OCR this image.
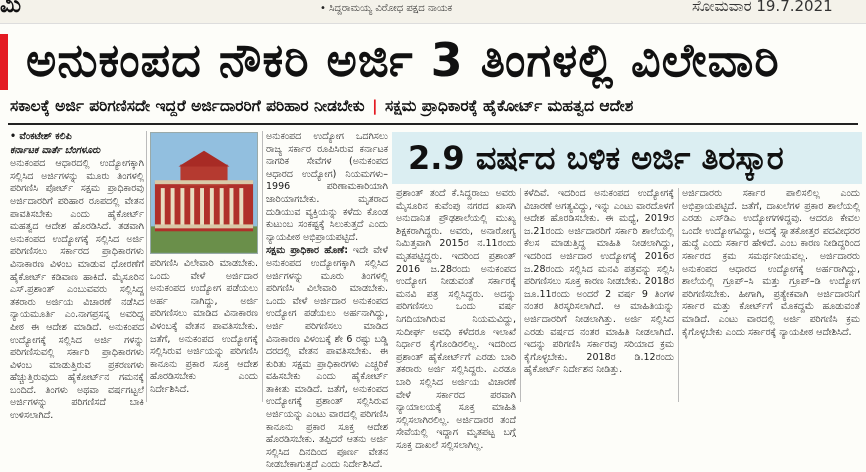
ಮಿ	• ಸಿದ್ದರಾಮಯ್ಯ ವಿರೋಧ ಪಕ್ಷದ ನಾಯಕ	ಸೋಮವಾರ 19.7.2021
ಅನುಕಂಪದ ನೌಕರಿ ಅರ್ಜಿ 3 ತಿಂಗಳಲ್ಲಿ ವಿಲೇವಾರಿ
ಸಕಾಲಕ್ಕೆ ಅರ್ಜಿ ಪರಿಗಣಿಸದೇ ಇದ್ದರೆ ಅರ್ಜಿದಾರರಿಗೆ ಪರಿಹಾರ ನೀಡಬೇಕು | ಸಕ್ಷಮ ಪ್ರಾಧಿಕಾರಕ್ಕೆ ಹೈಕೋರ್ಟ್ ಮಹತ್ವದ ಆದೇಶ

• ವೆಂಕಟೇಶ್ ಕಲಿಪಿ

ಕರ್ನಾಟಕ ವಾರ್ತೆ ಬೆಂಗಳೂರು

ಅನುಕಂಪದ ಆಧಾರದಲ್ಲಿ ಉದ್ಯೋಗಕ್ಕಾಗಿ ಸಲ್ಲಿಸಿದ ಅರ್ಜಿಗಳನ್ನು ಮೂರು ತಿಂಗಳಲ್ಲಿ ಪರಿಗಣಿಸಿ ಪೋರ್ಟ್ ಸಕ್ಷಮ ಪ್ರಾಧಿಕಾರವು ಅರ್ಜಿದಾರರಿಗೆ ಪರಿಹಾರ ರೂಪದಲ್ಲಿ ವೇತನ ಪಾವತಿಸಬೇಕು ಎಂದು ಹೈಕೋರ್ಟ್ ಮಹತ್ವದ ಆದೇಶ ಹೊರಡಿಸಿದೆ. ತಡವಾಗಿ ಅನುಕಂಪದ ಉದ್ಯೋಗಕ್ಕೆ ಸಲ್ಲಿಸಿದ ಅರ್ಜಿ ಪರಿಗಣಿಸಲು ಸರ್ಕಾರದ ಪ್ರಾಧಿಕಾರಗಳು ವಿನಾಕಾರಣ ವಿಳಂಬ ಮಾಡುವ ಧೋರಣೆಗೆ ಹೈಕೋರ್ಟ್ ಕಡಿವಾಣ ಹಾಕಿದೆ. ಮೈಸೂರಿನ ಎಸ್.ಪ್ರಶಾಂತ್ ಎಂಬುವವರು ಸಲ್ಲಿಸಿದ್ದ ತಕರಾರು ಅರ್ಜಿಯ ವಿಚಾರಣೆ ನಡೆಸಿದ ನ್ಯಾಯಮೂರ್ತಿ ಎಂ.ನಾಗಪ್ರಸನ್ನ ಅವರಿದ್ದ ಪೀಠ ಈ ಆದೇಶ ಮಾಡಿದೆ. ಅನುಕಂಪದ ಉದ್ಯೋಗಕ್ಕೆ ಸಲ್ಲಿಸಿದ ಅರ್ಜಿ ಗಳನ್ನು ಪರಿಗಣಿಸುವಲ್ಲಿ ಸರ್ಕಾರಿ ಪ್ರಾಧಿಕಾರಗಳು ವಿಳಂಬ ಮಾಡುತ್ತಿರುವ ಪ್ರಕರಣಗಳು ಹೆಚ್ಚುತ್ತಿರುವುದು ಹೈಕೋರ್ಟ್‌ನ ಗಮನಕ್ಕೆ ಬಂದಿದೆ. ತಿಂಗಳು ಅಥವಾ ವರ್ಷಗಟ್ಟಲೆ ಅರ್ಜಿಗಳನ್ನು ಪರಿಗಣಿಸದೆ ಬಾಕಿ ಉಳಿಸಲಾಗಿದೆ.

ಪರಿಗಣಿಸಿ ವಿಲೇವಾರಿ ಮಾಡಬೇಕು. ಒಂದು ವೇಳೆ ಅರ್ಜಿದಾರ ಅನುಕಂಪದ ಉದ್ಯೋಗ ಪಡೆಯಲು ಅರ್ಹ ನಾಗಿದ್ದು, ಅರ್ಜಿ ಪರಿಗಣಿಸಲು ಮಾಡಿದ ವಿನಾಕಾರಣ ವಿಳಂಬಕ್ಕೆ ವೇತನ ಪಾವತಿಸಬೇಕು. ಜತೆಗೆ, ಅನುಕಂಪದ ಉದ್ಯೋಗಕ್ಕೆ ಸಲ್ಲಿಸಿರುವ ಅರ್ಜಿಯನ್ನು ಪರಿಗಣಿಸಿ ಕಾನೂನು ಪ್ರಕಾರ ಸೂಕ್ತ ಆದೇಶ ಹೊರಡಿಸಬೇಕು ಎಂದು ನಿರ್ದೇಶಿಸಿದೆ.

ಅನುಕಂಪದ ಉದ್ಯೋಗ ಒದಗಿಸಲು ರಾಜ್ಯ ಸರ್ಕಾರ ರೂಪಿಸಿರುವ ಕರ್ನಾಟಕ ನಾಗರಿಕ ಸೇವೆಗಳ (ಅನುಕಂಪದ ಆಧಾರದ ಉದ್ಯೋಗ) ನಿಯಮಗಳು– 1996 ಪರಿಣಾಮಕಾರಿಯಾಗಿ ಜಾರಿಯಾಗಬೇಕು. ಮೃತರಾದ ದುಡಿಯುವ ವ್ಯಕ್ತಿಯನ್ನು ಕಳೆದು ಕೊಂಡ ಕುಟುಂಬ ಸಂಕಷ್ಟಕ್ಕೆ ಸಿಲುಕುತ್ತದೆ ಎಂದು ನ್ಯಾಯಪೀಠ ಅಭಿಪ್ರಾಯಪಟ್ಟಿದೆ.

ಸಕ್ಷಮ ಪ್ರಾಧಿಕಾರ ಹೊಣೆ: ಇದೇ ವೇಳೆ ಅನುಕಂಪದ ಉದ್ಯೋಗಕ್ಕಾಗಿ ಸಲ್ಲಿಸಿದ ಅರ್ಜಿಗಳನ್ನು ಮೂರು ತಿಂಗಳಲ್ಲಿ ಪರಿಗಣಿಸಿ ವಿಲೇವಾರಿ ಮಾಡಬೇಕು. ಒಂದು ವೇಳೆ ಅರ್ಜಿದಾರ ಅನುಕಂಪದ ಉದ್ಯೋಗ ಪಡೆಯಲು ಅರ್ಹನಾಗಿದ್ದು, ಅರ್ಜಿ ಪರಿಗಣಿಸಲು ಮಾಡಿದ ವಿನಾಕಾರಣ ವಿಳಂಬಕ್ಕೆ ಶೇ 6 ರಷ್ಟು ಬಡ್ಡಿ ದರದಲ್ಲಿ ವೇತನ ಪಾವತಿಸಬೇಕು. ಈ ಕುರಿತು ಸಕ್ಷಮ ಪ್ರಾಧಿಕಾರಗಳು ಎಚ್ಚರಿಕೆ ವಹಿಸಬೇಕು ಎಂದು ಹೈಕೋರ್ಟ್ ತಾಕೀತು ಮಾಡಿದೆ. ಜತೆಗೆ, ಅನುಕಂಪದ ಉದ್ಯೋಗಕ್ಕೆ ಪ್ರಶಾಂತ್ ಸಲ್ಲಿಸಿರುವ ಅರ್ಜಿಯನ್ನು ಎಂಟು ವಾರದಲ್ಲಿ ಪರಿಗಣಿಸಿ ಕಾನೂನು ಪ್ರಕಾರ ಸೂಕ್ತ ಆದೇಶ ಹೊರಡಿಸಬೇಕು. ತಪ್ಪಿದರೆ ಆತನು ಅರ್ಜಿ ಸಲ್ಲಿಸಿದ ದಿನದಿಂದ ಪೂರ್ಣ ವೇತನ ನೀಡಬೇಕಾಗುತ್ತದೆ ಎಂದು ನಿರ್ದೇಶಿಸಿದೆ.

2.9 ವರ್ಷದ ಬಳಿಕ ಅರ್ಜಿ ತಿರಸ್ಕಾರ

ಪ್ರಶಾಂತ್ ತಂದೆ ಕೆ.ಸಿದ್ದರಾಜು ಅವರು ಮೈಸೂರಿನ ಕುವೆಂಪು ನಗರದ ಖಾಸಗಿ ಅನುದಾನಿತ ಪ್ರೌಢಶಾಲೆಯಲ್ಲಿ ಮುಖ್ಯ ಶಿಕ್ಷಕರಾಗಿದ್ದರು. ಅವರು, ಅನಾರೋಗ್ಯ ನಿಮಿತ್ತವಾಗಿ 2015ರ ನ.11ರಂದು ಮೃತಪಟ್ಟಿದ್ದರು. ಇದರಿಂದ ಪ್ರಶಾಂತ್ 2016 ಜ.28ರಂದು ಅನುಕಂಪದ ಉದ್ಯೋಗ ನೀಡುವಂತೆ ಸರ್ಕಾರಕ್ಕೆ ಮನವಿ ಪತ್ರ ಸಲ್ಲಿಸಿದ್ದರು. ಅದನ್ನು ಪರಿಗಣಿಸಲು ಒಂದು ವರ್ಷ ನಿಗದಿಯಾಗಿರುವ ನಿಯಮವಿದ್ದು, ಸುದೀರ್ಘ ಅವಧಿ ಕಳೆದರೂ ಇಲಾಖೆ ನಿರ್ಧಾರ ಕೈಗೊಂಡಿರಲಿಲ್ಲ. ಇದರಿಂದ ಪ್ರಶಾಂತ್ ಹೈಕೋರ್ಟ್‌ಗೆ ಎರಡು ಬಾರಿ ತಕರಾರು ಅರ್ಜಿ ಸಲ್ಲಿಸಿದ್ದರು. ಎರಡೂ ಬಾರಿ ಸಲ್ಲಿಸಿದ ಅರ್ಜಿಯ ವಿಚಾರಣೆ ವೇಳೆ ಸರ್ಕಾರದ ಪರವಾಗಿ ನ್ಯಾಯಾಲಯಕ್ಕೆ ಸೂಕ್ತ ಮಾಹಿತಿ ಸಲ್ಲಿಸಲಾಗಿರಲಿಲ್ಲ. ಅರ್ಜಿದಾರರ ತಂದೆ ಸೇವೆಯಲ್ಲಿ ಇದ್ದಾಗ ಮೃತಪಟ್ಟ ಬಗ್ಗೆ ಸೂಕ್ತ ದಾಖಲೆ ಸಲ್ಲಿಸಲಾಗಿಲ್ಲ.

ಕಳೆದಿವೆ. ಇದರಿಂದ ಅನುಕಂಪದ ಉದ್ಯೋಗಕ್ಕೆ ವಿಚಾರಣೆ ಅಗತ್ಯವಿದ್ದು, ಇನ್ನು ಎಂಟು ವಾರದೊಳಗೆ ಆದೇಶ ಹೊರಡಿಸಬೇಕು. ಈ ಮಧ್ಯೆ, 2019ರ ಜ.21ರಂದು ಅರ್ಜಿದಾರರಿಗೆ ಸರ್ಕಾರಿ ಶಾಲೆಯಲ್ಲಿ ಕೆಲಸ ಮಾಡುತ್ತಿದ್ದ ಮಾಹಿತಿ ನೀಡಲಾಗಿದ್ದು, ಇದರಿಂದ ಅರ್ಜಿದಾರ ಉದ್ಯೋಗಕ್ಕೆ 2016ರ ಜ.28ರಂದು ಸಲ್ಲಿಸಿದ ಮನವಿ ಪತ್ರವನ್ನು ಸಲ್ಲಿಸಿ ಪರಿಗಣಿಸಲು ಸೂಕ್ತ ಕಾರಣ ನೀಡಬೇಕು. 2018ರ ಜೂ.11ರಂದು ಅಂದರೆ 2 ವರ್ಷ 9 ತಿಂಗಳ ನಂತರ ತಿರಸ್ಕರಿಸಲಾಗಿದೆ. ಆ ಮಾಹಿತಿಯನ್ನು ಅರ್ಜಿದಾರರಿಗೆ ನೀಡಲಾಗಿತ್ತು. ಅರ್ಜಿ ಸಲ್ಲಿಸಿದ ಎರಡು ವರ್ಷದ ನಂತರ ಮಾಹಿತಿ ನೀಡಲಾಗಿದೆ. ಇದನ್ನು ಪರಿಗಣಿಸಿ ಸರ್ಕಾರವು ಸರಿಯಾದ ಕ್ರಮ ಕೈಗೊಳ್ಳಬೇಕು. 2018ರ ಡಿ.12ರಂದು ಹೈಕೋರ್ಟ್ ನಿರ್ದೇಶನ ನೀಡಿತ್ತು.

ಅರ್ಜಿದಾರರು ಸರ್ಕಾರ ಪಾಲಿಸಲಿಲ್ಲ ಎಂದು ಅಭಿಪ್ರಾಯಪಟ್ಟಿದೆ. ಜತೆಗೆ, ದಾಖಲೆಗಳ ಪ್ರಕಾರ ಶಾಲೆಯಲ್ಲಿ ಎರಡು ಎಸ್‌ಡಿಎ ಉದ್ಯೋಗಗಳಿದ್ದವು. ಆದರೂ ಕೇವಲ ಒಂದೇ ಉದ್ಯೋಗವಿದ್ದು, ಅದಕ್ಕೆ ಸ್ನಾತಕೋತ್ತರ ಪದವೀಧರರ ಹುದ್ದೆ ಎಂದು ಸರ್ಕಾರ ಹೇಳಿದೆ. ಎಂಬ ಕಾರಣ ನೀಡಿದ್ದರಿಂದ ಸರ್ಕಾರದ ಕ್ರಮ ಸಮರ್ಥನೀಯವಲ್ಲ. ಅರ್ಜಿದಾರರು ಅನುಕಂಪದ ಆಧಾರದ ಉದ್ಯೋಗಕ್ಕೆ ಅರ್ಹರಾಗಿದ್ದು, ಶಾಲೆಯಲ್ಲಿ ಗ್ರೂಪ್–ಸಿ ಮತ್ತು ಗ್ರೂಪ್–ಡಿ ಉದ್ಯೋಗ ಪರಿಗಣಿಸಬೇಕು. ಹೀಗಾಗಿ, ಪ್ರತ್ಯೇಕವಾಗಿ ಅರ್ಜಿದಾರನಿಗೆ ಸರ್ಕಾರ ಮತ್ತು ಕೋರ್ಟ್‌ಗೆ ಮೊಕದ್ದಮೆ ಹೂಡುವಂತೆ ಮಾಡಿದೆ. ಎಂಟು ವಾರದಲ್ಲಿ ಅರ್ಜಿ ಪರಿಗಣಿಸಿ ಕ್ರಮ ಕೈಗೊಳ್ಳಬೇಕು ಎಂದು ಸರ್ಕಾರಕ್ಕೆ ನ್ಯಾಯಪೀಠ ಆದೇಶಿಸಿದೆ.
